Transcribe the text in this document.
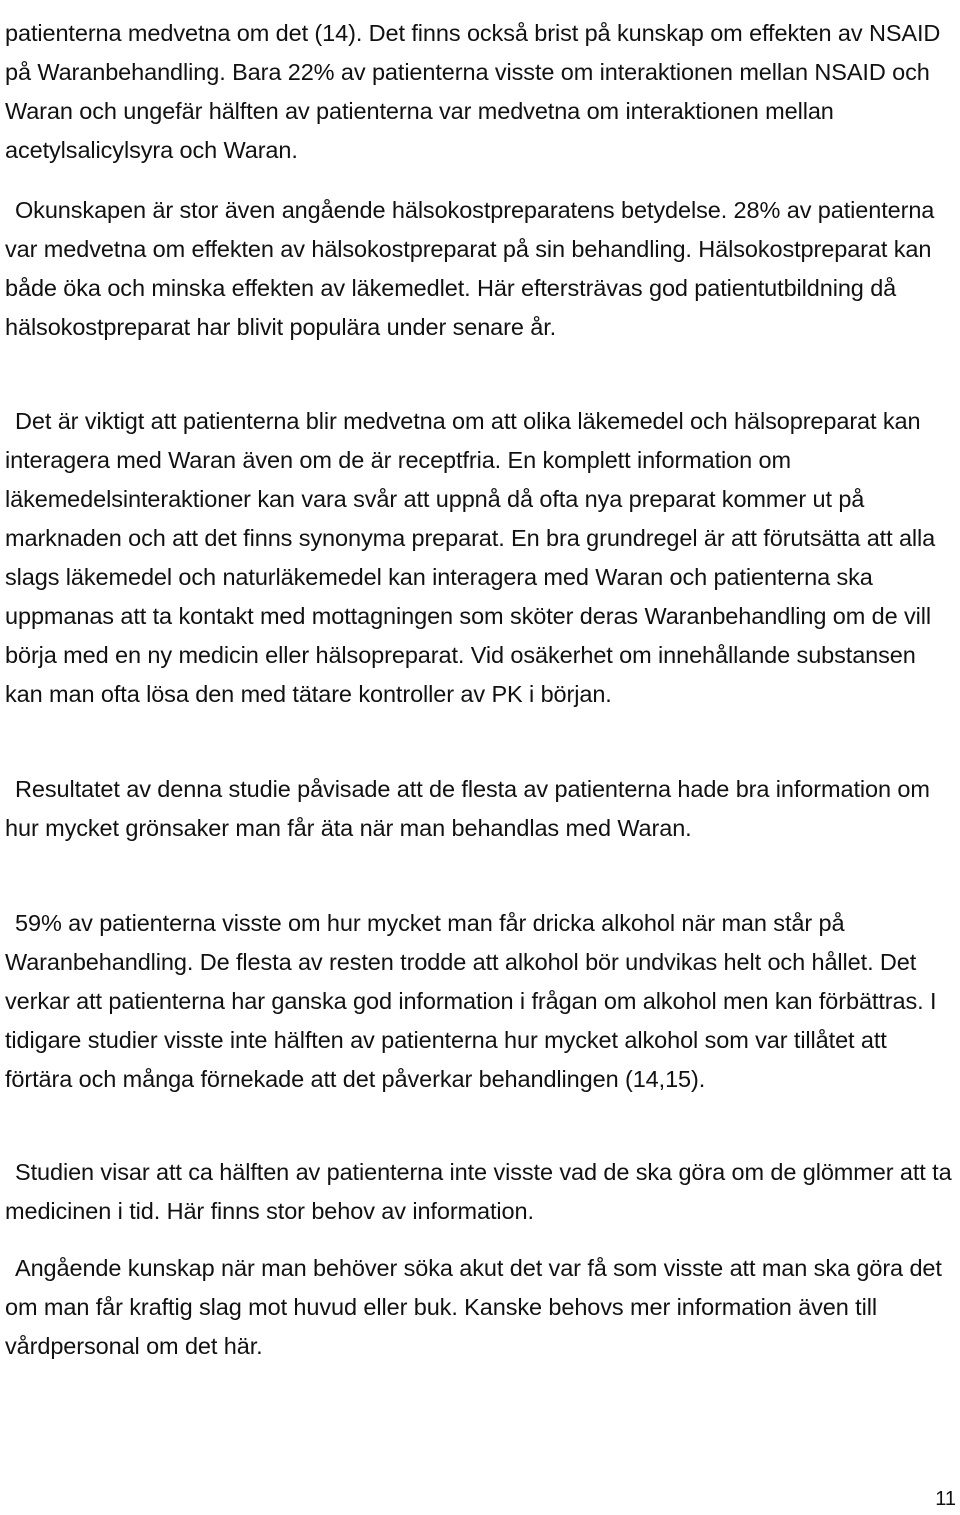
patienterna medvetna om det (14). Det finns också brist på kunskap om effekten av NSAID på Waranbehandling. Bara 22% av patienterna visste om interaktionen mellan NSAID och Waran och ungefär hälften av patienterna var medvetna om interaktionen mellan acetylsalicylsyra och Waran.

Okunskapen är stor även angående hälsokostpreparatens betydelse. 28% av patienterna var medvetna om effekten av hälsokostpreparat på sin behandling. Hälsokostpreparat kan både öka och minska effekten av läkemedlet. Här eftersträvas god patientutbildning då hälsokostpreparat har blivit populära under senare år.

Det är viktigt att patienterna blir medvetna om att olika läkemedel och hälsopreparat kan interagera med Waran även om de är receptfria. En komplett information om läkemedelsinteraktioner kan vara svår att uppnå då ofta nya preparat kommer ut på marknaden och att det finns synonyma preparat. En bra grundregel är att förutsätta att alla slags läkemedel och naturläkemedel kan interagera med Waran och patienterna ska uppmanas att ta kontakt med mottagningen som sköter deras Waranbehandling om de vill börja med en ny medicin eller hälsopreparat. Vid osäkerhet om innehållande substansen kan man ofta lösa den med tätare kontroller av PK i början.

Resultatet av denna studie påvisade att de flesta av patienterna hade bra information om hur mycket grönsaker man får äta när man behandlas med Waran.

59% av patienterna visste om hur mycket man får dricka alkohol när man står på Waranbehandling. De flesta av resten trodde att alkohol bör undvikas helt och hållet. Det verkar att patienterna har ganska god information i frågan om alkohol men kan förbättras. I tidigare studier visste inte hälften av patienterna hur mycket alkohol som var tillåtet att förtära och många förnekade att det påverkar behandlingen (14,15).

Studien visar att ca hälften av patienterna inte visste vad de ska göra om de glömmer att ta medicinen i tid. Här finns stor behov av information.

Angående kunskap när man behöver söka akut det var få som visste att man ska göra det om man får kraftig slag mot huvud eller buk. Kanske behovs mer information även till vårdpersonal om det här.

11
